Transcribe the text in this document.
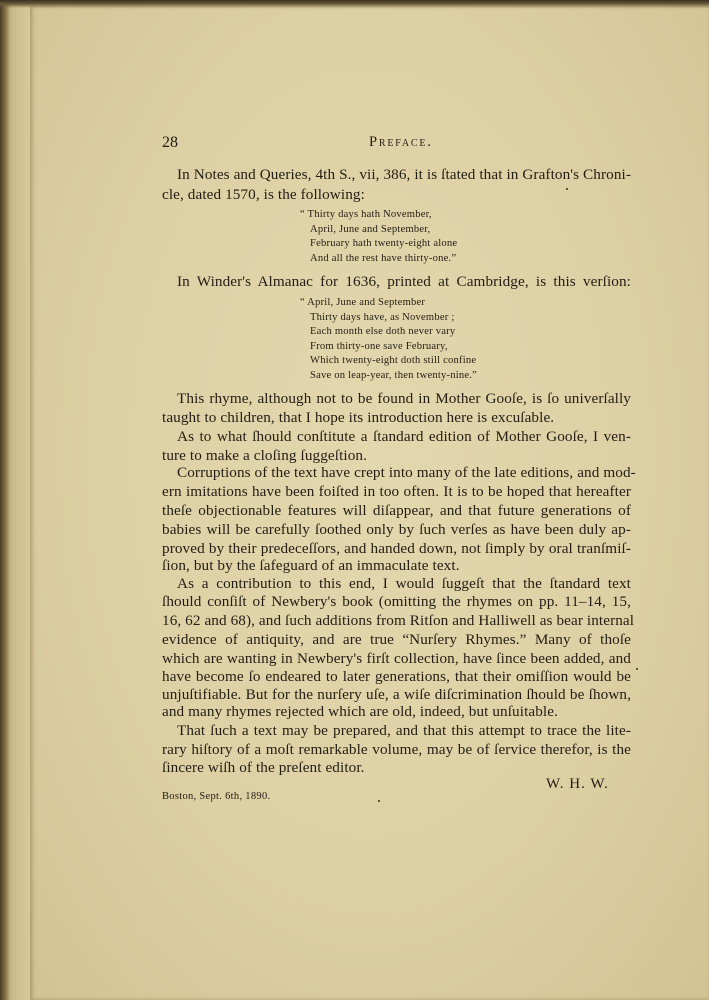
28	Preface.
In Notes and Queries, 4th S., vii, 386, it is ſtated that in Grafton's Chroni-
cle, dated 1570, is the following:
“ Thirty days hath November,
April, June and September,
February hath twenty-eight alone
And all the rest have thirty-one.”
In Winder's Almanac for 1636, printed at Cambridge, is this verſion:
“ April, June and September
Thirty days have, as November ;
Each month else doth never vary
From thirty-one save February,
Which twenty-eight doth still confine
Save on leap-year, then twenty-nine.”
This rhyme, although not to be found in Mother Gooſe, is ſo univerſally
taught to children, that I hope its introduction here is excuſable.
As to what ſhould conſtitute a ſtandard edition of Mother Gooſe, I ven-
ture to make a cloſing ſuggeſtion.
Corruptions of the text have crept into many of the late editions, and mod-
ern imitations have been foiſted in too often. It is to be hoped that hereafter
theſe objectionable features will diſappear, and that future generations of
babies will be carefully ſoothed only by ſuch verſes as have been duly ap-
proved by their predeceſſors, and handed down, not ſimply by oral tranſmiſ-
ſion, but by the ſafeguard of an immaculate text.
As a contribution to this end, I would ſuggeſt that the ſtandard text
ſhould conſiſt of Newbery's book (omitting the rhymes on pp. 11–14, 15,
16, 62 and 68), and ſuch additions from Ritſon and Halliwell as bear internal
evidence of antiquity, and are true “Nurſery Rhymes.” Many of thoſe
which are wanting in Newbery's firſt collection, have ſince been added, and
have become ſo endeared to later generations, that their omiſſion would be
unjuſtifiable. But for the nurſery uſe, a wiſe diſcrimination ſhould be ſhown,
and many rhymes rejected which are old, indeed, but unſuitable.
That ſuch a text may be prepared, and that this attempt to trace the lite-
rary hiſtory of a moſt remarkable volume, may be of ſervice therefor, is the
ſincere wiſh of the preſent editor.
W. H. W.
Boston, Sept. 6th, 1890.
